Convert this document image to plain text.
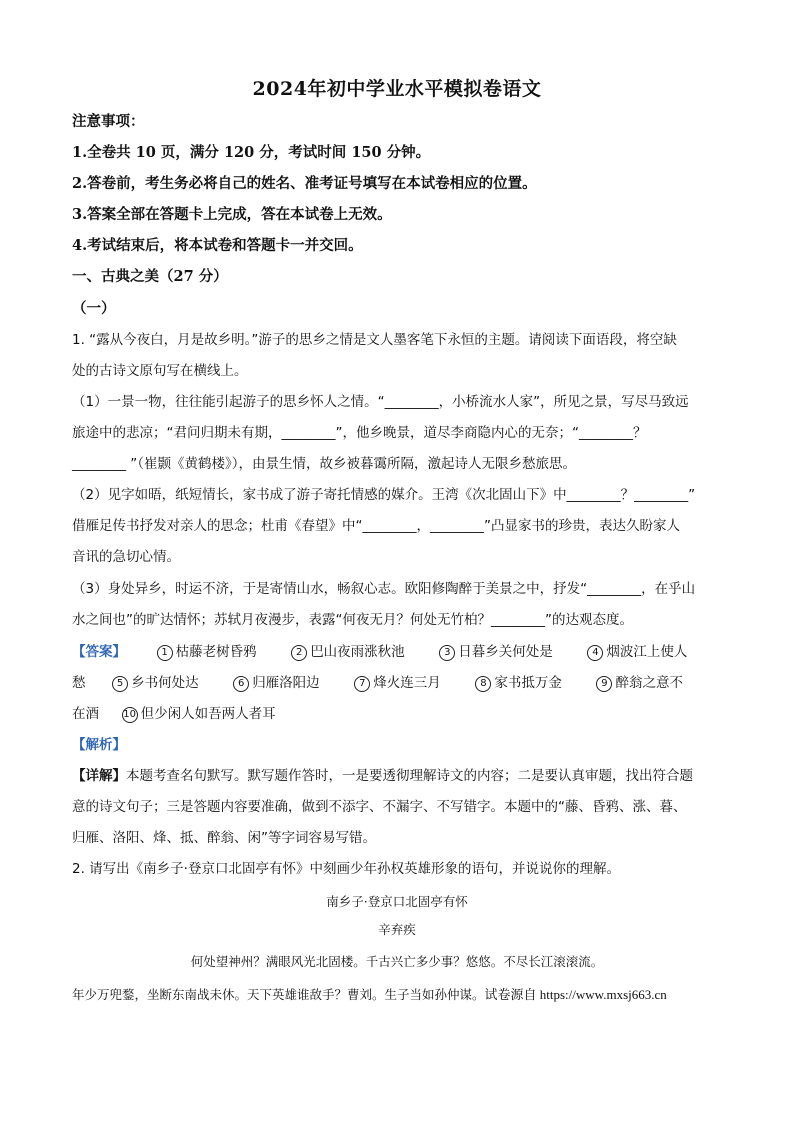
2024年初中学业水平模拟卷语文
注意事项：
1.全卷共 10 页，满分 120 分，考试时间 150 分钟。
2.答卷前，考生务必将自己的姓名、准考证号填写在本试卷相应的位置。
3.答案全部在答题卡上完成，答在本试卷上无效。
4.考试结束后，将本试卷和答题卡一并交回。
一、古典之美（27 分）
（一）
1. “露从今夜白，月是故乡明。”游子的思乡之情是文人墨客笔下永恒的主题。请阅读下面语段，将空缺
处的古诗文原句写在横线上。
（1）一景一物，往往能引起游子的思乡怀人之情。“________，小桥流水人家”，所见之景，写尽马致远
旅途中的悲凉；“君问归期未有期，________”，他乡晚景，道尽李商隐内心的无奈；“________？
________ ”（崔颢《黄鹤楼》），由景生情，故乡被暮霭所隔，激起诗人无限乡愁旅思。
（2）见字如晤，纸短情长，家书成了游子寄托情感的媒介。王湾《次北固山下》中________？________”
借雁足传书抒发对亲人的思念；杜甫《春望》中“________，________”凸显家书的珍贵，表达久盼家人
音讯的急切心情。
（3）身处异乡，时运不济，于是寄情山水，畅叙心志。欧阳修陶醉于美景之中，抒发“________，在乎山
水之间也”的旷达情怀；苏轼月夜漫步，表露“何夜无月？何处无竹柏？________”的达观态度。
【答案】	1 枯藤老树昏鸦	2 巴山夜雨涨秋池	3 日暮乡关何处是	4 烟波江上使人
愁	5 乡书何处达	6 归雁洛阳边	7 烽火连三月	8 家书抵万金	9 醉翁之意不
在酒 10 但少闲人如吾两人者耳
【解析】
【详解】本题考查名句默写。默写题作答时，一是要透彻理解诗文的内容；二是要认真审题，找出符合题
意的诗文句子；三是答题内容要准确，做到不添字、不漏字、不写错字。本题中的“藤、昏鸦、涨、暮、
归雁、洛阳、烽、抵、醉翁、闲”等字词容易写错。
2. 请写出《南乡子·登京口北固亭有怀》中刻画少年孙权英雄形象的语句，并说说你的理解。
南乡子·登京口北固亭有怀
辛弃疾
何处望神州？满眼风光北固楼。千古兴亡多少事？悠悠。不尽长江滚滚流。
年少万兜鍪，坐断东南战未休。天下英雄谁敌手？曹刘。生子当如孙仲谋。试卷源自 https://www.mxsj663.cn
